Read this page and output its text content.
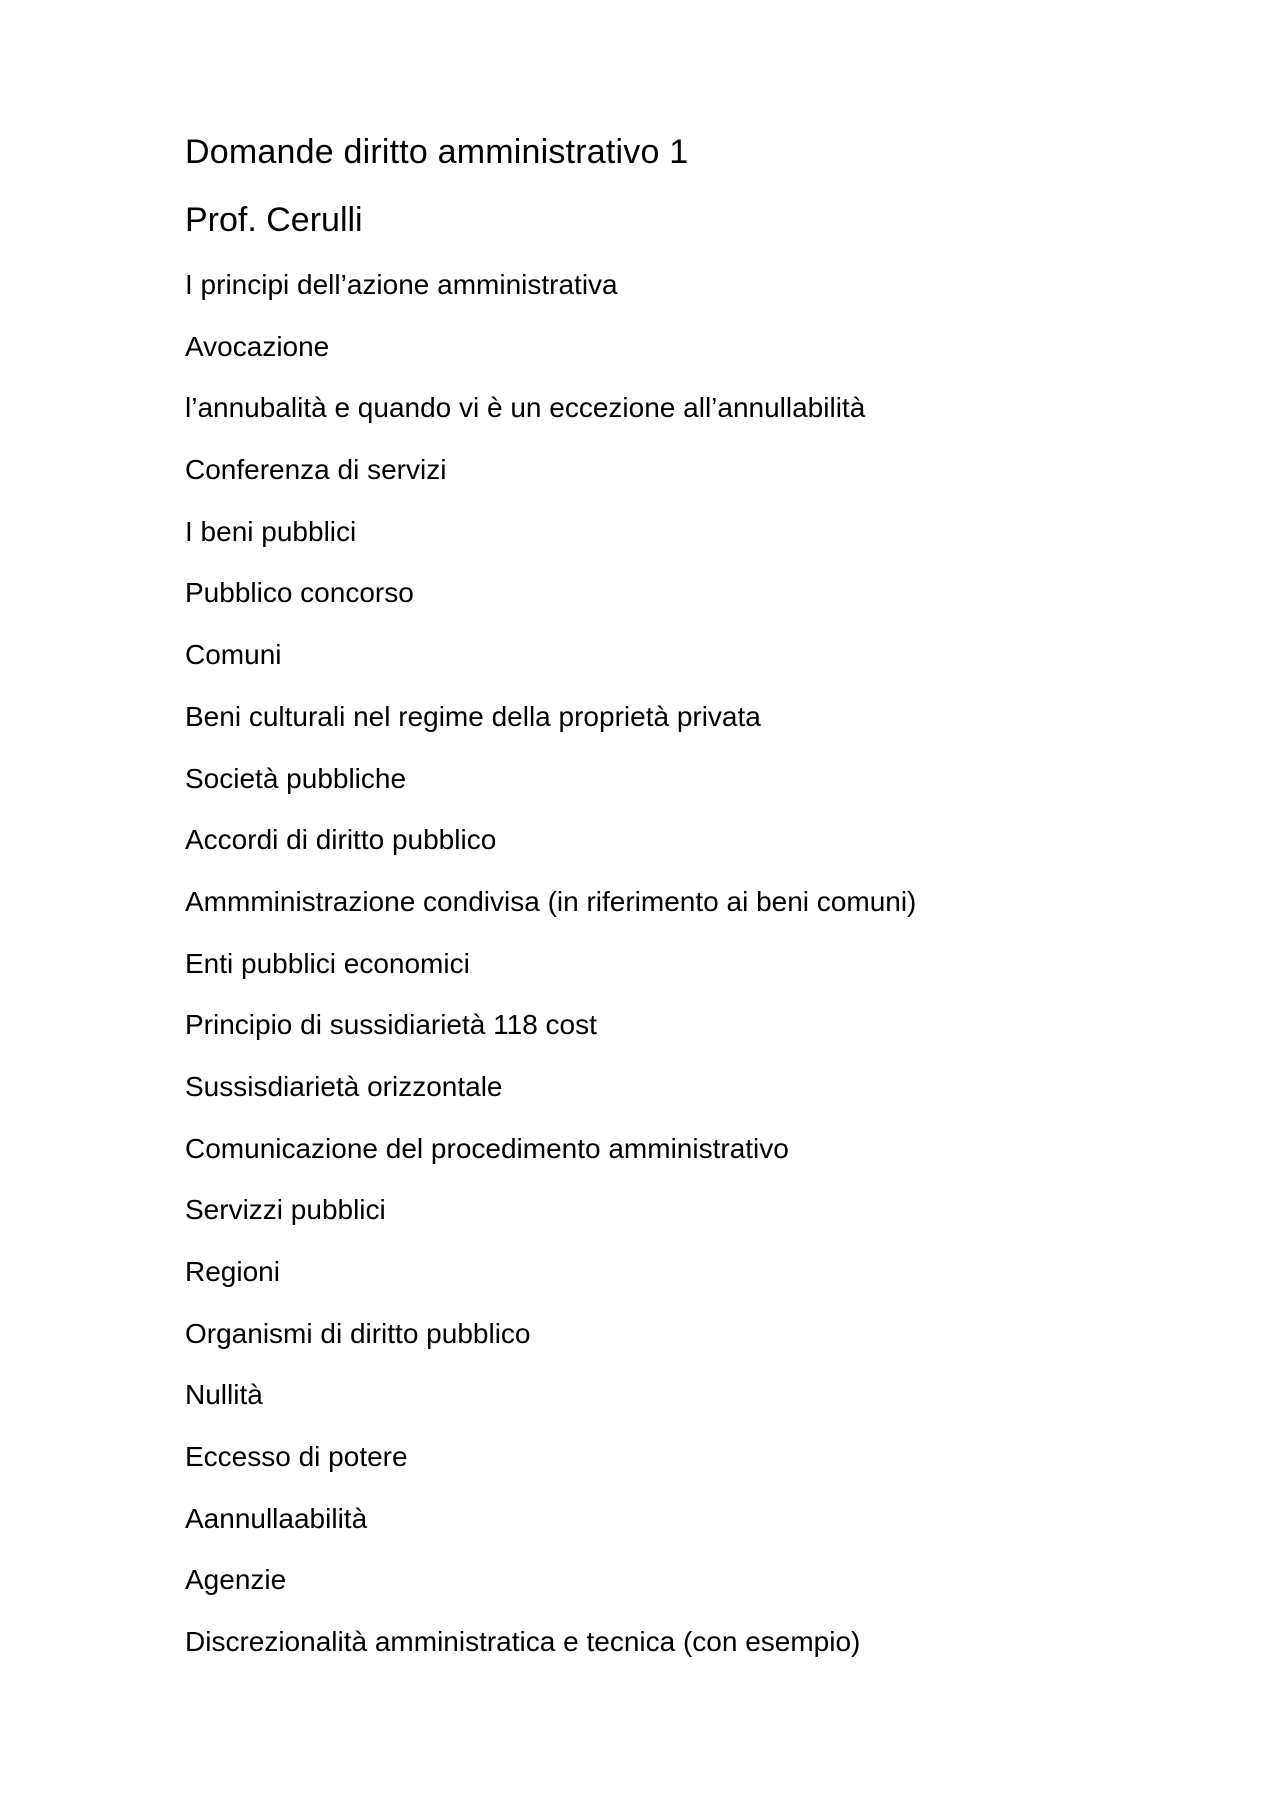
Domande diritto amministrativo 1
Prof. Cerulli
I principi dell’azione amministrativa
Avocazione
l’annubalità e quando vi è un eccezione all’annullabilità
Conferenza di servizi
I beni pubblici
Pubblico concorso
Comuni
Beni culturali nel regime della proprietà privata
Società pubbliche
Accordi di diritto pubblico
Ammministrazione condivisa (in riferimento ai beni comuni)
Enti pubblici economici
Principio di sussidiarietà 118 cost
Sussisdiarietà orizzontale
Comunicazione del procedimento amministrativo
Servizzi pubblici
Regioni
Organismi di diritto pubblico
Nullità
Eccesso di potere
Aannullaabilità
Agenzie
Discrezionalità amministratica e tecnica (con esempio)
